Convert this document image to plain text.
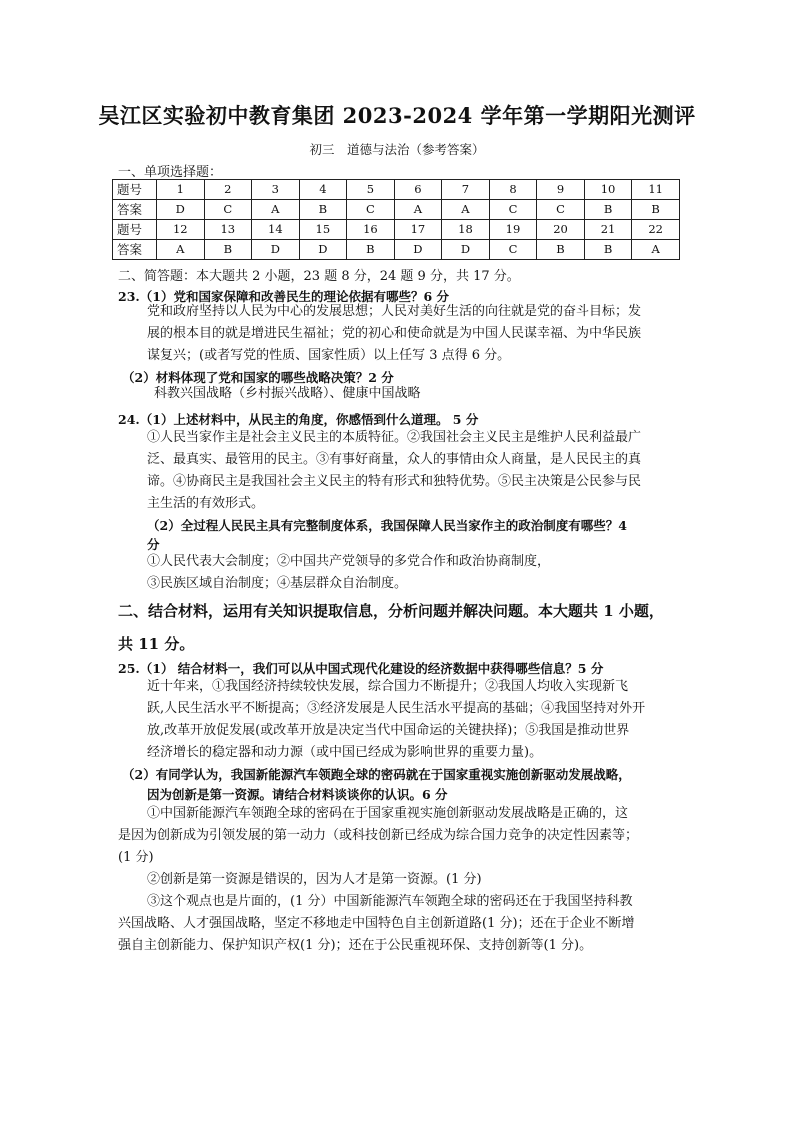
吴江区实验初中教育集团 2023-2024 学年第一学期阳光测评
初三　道德与法治（参考答案）
一、单项选择题：
题号	1	2	3	4	5	6	7	8	9	10	11
答案	D	C	A	B	C	A	A	C	C	B	B
题号	12	13	14	15	16	17	18	19	20	21	22
答案	A	B	D	D	B	D	D	C	B	B	A
二、简答题：本大题共 2 小题，23 题 8 分，24 题 9 分，共 17 分。
23.（1）党和国家保障和改善民生的理论依据有哪些？6 分
党和政府坚持以人民为中心的发展思想；人民对美好生活的向往就是党的奋斗目标；发
展的根本目的就是增进民生福祉；党的初心和使命就是为中国人民谋幸福、为中华民族
谋复兴；(或者写党的性质、国家性质）以上任写 3 点得 6 分。
（2）材料体现了党和国家的哪些战略决策？2 分
科教兴国战略（乡村振兴战略）、健康中国战略
24.（1）上述材料中，从民主的角度，你感悟到什么道理。 5 分
①人民当家作主是社会主义民主的本质特征。②我国社会主义民主是维护人民利益最广
泛、最真实、最管用的民主。③有事好商量，众人的事情由众人商量，是人民民主的真
谛。④协商民主是我国社会主义民主的特有形式和独特优势。⑤民主决策是公民参与民
主生活的有效形式。
（2）全过程人民民主具有完整制度体系，我国保障人民当家作主的政治制度有哪些？4
分
①人民代表大会制度；②中国共产党领导的多党合作和政治协商制度，
③民族区域自治制度；④基层群众自治制度。
二、结合材料，运用有关知识提取信息，分析问题并解决问题。本大题共 1 小题，
共 11 分。
25.（1） 结合材料一，我们可以从中国式现代化建设的经济数据中获得哪些信息？5 分
近十年来，①我国经济持续较快发展，综合国力不断提升；②我国人均收入实现新飞
跃,人民生活水平不断提高；③经济发展是人民生活水平提高的基础；④我国坚持对外开
放,改革开放促发展(或改革开放是决定当代中国命运的关键抉择)；⑤我国是推动世界
经济增长的稳定器和动力源（或中国已经成为影响世界的重要力量)。
（2）有同学认为，我国新能源汽车领跑全球的密码就在于国家重视实施创新驱动发展战略，
因为创新是第一资源。请结合材料谈谈你的认识。6 分
①中国新能源汽车领跑全球的密码在于国家重视实施创新驱动发展战略是正确的，这
是因为创新成为引领发展的第一动力（或科技创新已经成为综合国力竞争的决定性因素等；
(1 分)
②创新是第一资源是错误的，因为人才是第一资源。(1 分)
③这个观点也是片面的，(1 分）中国新能源汽车领跑全球的密码还在于我国坚持科教
兴国战略、人才强国战略，坚定不移地走中国特色自主创新道路(1 分)；还在于企业不断增
强自主创新能力、保护知识产权(1 分)；还在于公民重视环保、支持创新等(1 分)。
